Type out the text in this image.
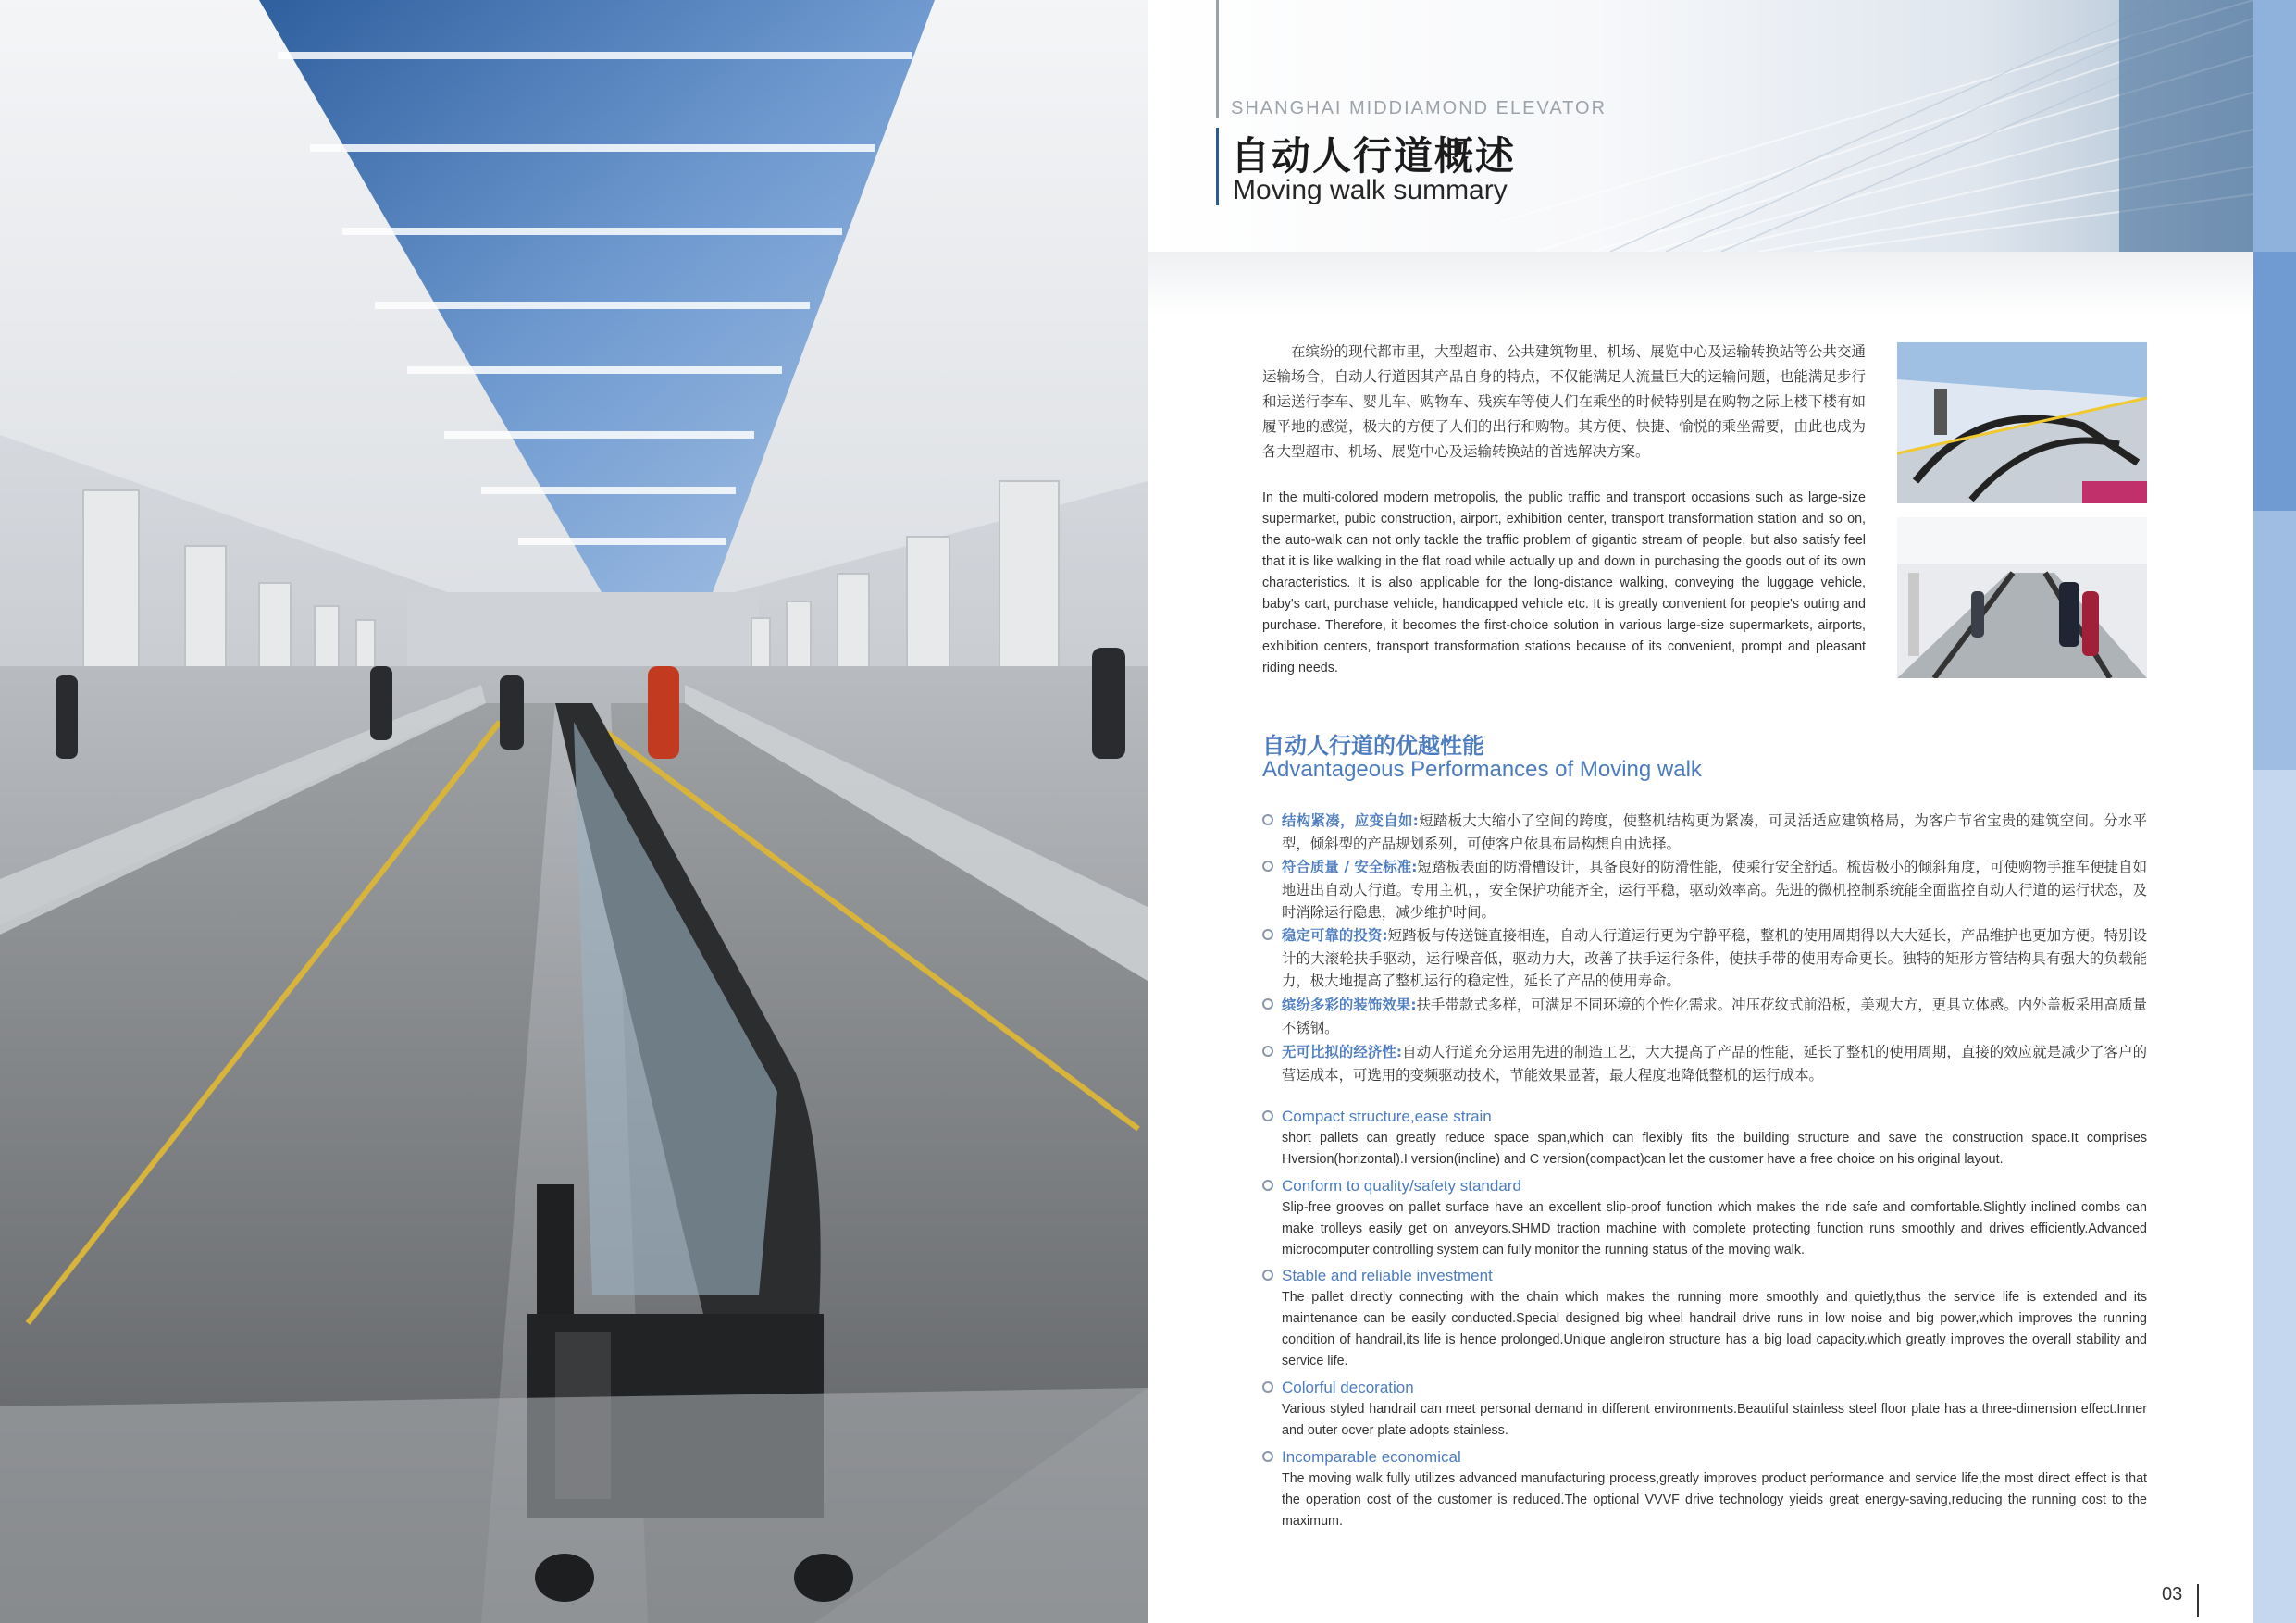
SHANGHAI MIDDIAMOND ELEVATOR
自动人行道概述
Moving walk summary

在缤纷的现代都市里，大型超市、公共建筑物里、机场、展览中心及运输转换站等公共交通运输场合，自动人行道因其产品自身的特点，不仅能满足人流量巨大的运输问题，也能满足步行和运送行李车、婴儿车、购物车、残疾车等使人们在乘坐的时候特别是在购物之际上楼下楼有如履平地的感觉，极大的方便了人们的出行和购物。其方便、快捷、愉悦的乘坐需要，由此也成为各大型超市、机场、展览中心及运输转换站的首选解决方案。

In the multi-colored modern metropolis, the public traffic and transport occasions such as large-size supermarket, pubic construction, airport, exhibition center, transport transformation station and so on, the auto-walk can not only tackle the traffic problem of gigantic stream of people, but also satisfy feel that it is like walking in the flat road while actually up and down in purchasing the goods out of its own characteristics. It is also applicable for the long-distance walking, conveying the luggage vehicle, baby's cart, purchase vehicle, handicapped vehicle etc. It is greatly convenient for people's outing and purchase. Therefore, it becomes the first-choice solution in various large-size supermarkets, airports, exhibition centers, transport transformation stations because of its convenient, prompt and pleasant riding needs.

自动人行道的优越性能
Advantageous Performances of Moving walk
结构紧凑，应变自如:短踏板大大缩小了空间的跨度，使整机结构更为紧凑，可灵活适应建筑格局，为客户节省宝贵的建筑空间。分水平型，倾斜型的产品规划系列，可使客户依具布局构想自由选择。
符合质量 / 安全标准:短踏板表面的防滑槽设计，具备良好的防滑性能，使乘行安全舒适。梳齿极小的倾斜角度，可使购物手推车便捷自如地进出自动人行道。专用主机，，安全保护功能齐全，运行平稳，驱动效率高。先进的微机控制系统能全面监控自动人行道的运行状态，及时消除运行隐患，减少维护时间。
稳定可靠的投资:短踏板与传送链直接相连，自动人行道运行更为宁静平稳，整机的使用周期得以大大延长，产品维护也更加方便。特别设计的大滚轮扶手驱动，运行噪音低，驱动力大，改善了扶手运行条件，使扶手带的使用寿命更长。独特的矩形方管结构具有强大的负载能力，极大地提高了整机运行的稳定性，延长了产品的使用寿命。
缤纷多彩的装饰效果:扶手带款式多样，可满足不同环境的个性化需求。冲压花纹式前沿板，美观大方，更具立体感。内外盖板采用高质量不锈钢。
无可比拟的经济性:自动人行道充分运用先进的制造工艺，大大提高了产品的性能，延长了整机的使用周期，直接的效应就是减少了客户的营运成本，可选用的变频驱动技术，节能效果显著，最大程度地降低整机的运行成本。
Compact structure,ease strain
short pallets can greatly reduce space span,which can flexibly fits the building structure and save the construction space.It comprises Hversion(horizontal).I version(incline) and C version(compact)can let the customer have a free choice on his original layout.
Conform to quality/safety standard
Slip-free grooves on pallet surface have an excellent slip-proof function which makes the ride safe and comfortable.Slightly inclined combs can make trolleys easily get on anveyors.SHMD traction machine with complete protecting function runs smoothly and drives efficiently.Advanced microcomputer controlling system can fully monitor the running status of the moving walk.
Stable and reliable investment
The pallet directly connecting with the chain which makes the running more smoothly and quietly,thus the service life is extended and its maintenance can be easily conducted.Special designed big wheel handrail drive runs in low noise and big power,which improves the running condition of handrail,its life is hence prolonged.Unique angleiron structure has a big load capacity.which greatly improves the overall stability and service life.
Colorful decoration
Various styled handrail can meet personal demand in different environments.Beautiful stainless steel floor plate has a three-dimension effect.Inner and outer ocver plate adopts stainless.
Incomparable economical
The moving walk fully utilizes advanced manufacturing process,greatly improves product performance and service life,the most direct effect is that the operation cost of the customer is reduced.The optional VVVF drive technology yieids great energy-saving,reducing the running cost to the maximum.
03
